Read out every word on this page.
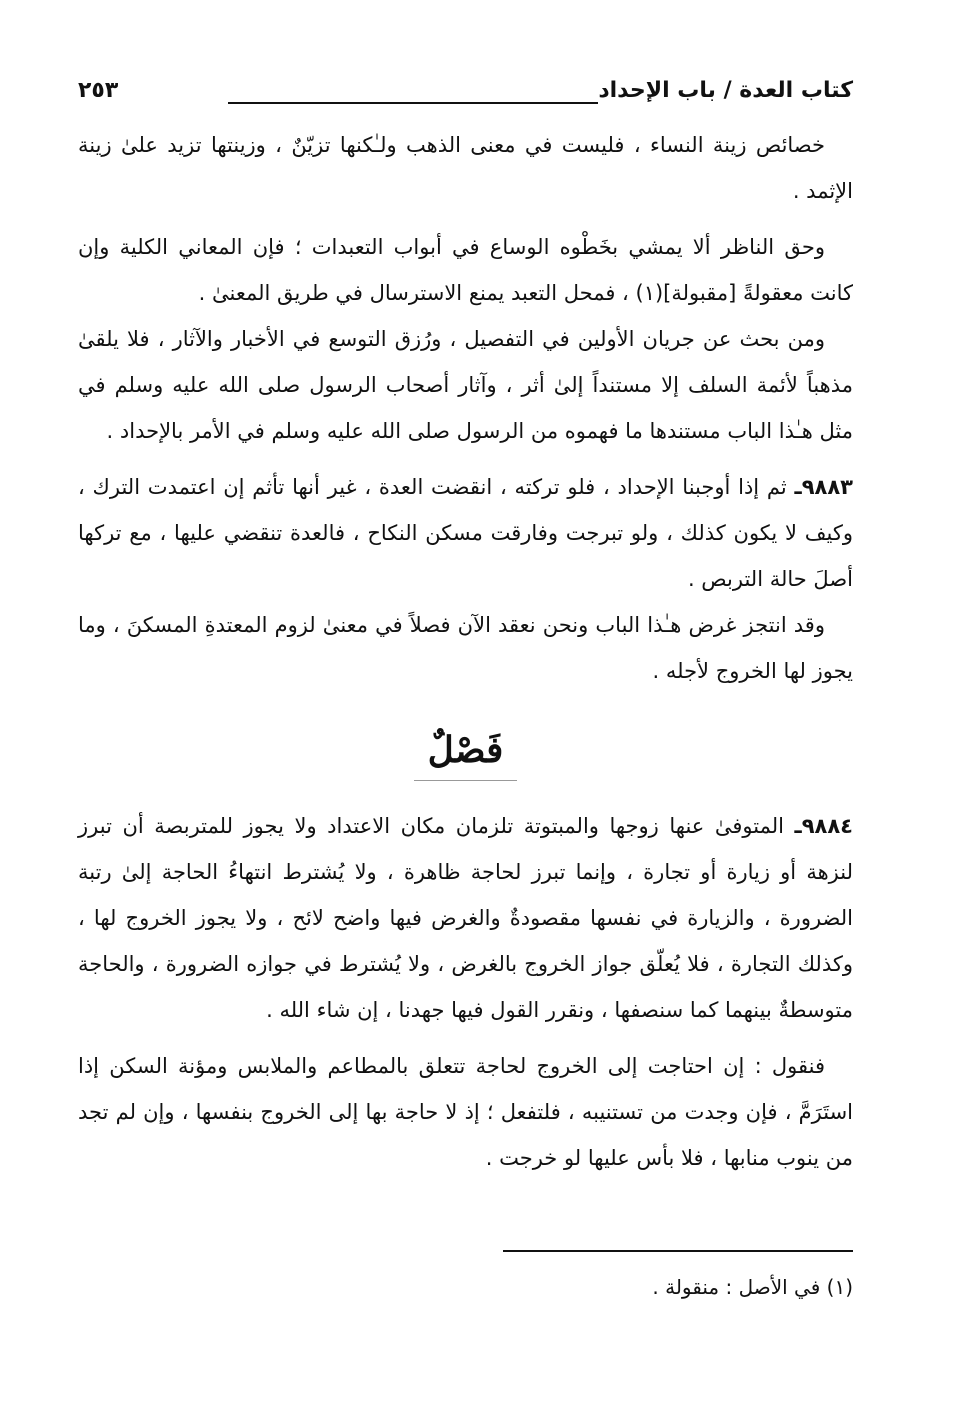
كتاب العدة / باب الإحداد
٢٥٣

خصائص زينة النساء ، فليست في معنى الذهب ولـٰكنها تزيّنٌ ، وزينتها تزيد علىٰ زينة الإثمد .

وحق الناظر ألا يمشي بخَطْوه الوساع في أبواب التعبدات ؛ فإن المعاني الكلية وإن كانت معقولةً [مقبولة](١) ، فمحل التعبد يمنع الاسترسال في طريق المعنىٰ .

ومن بحث عن جريان الأولين في التفصيل ، ورُزق التوسع في الأخبار والآثار ، فلا يلقىٰ مذهباً لأئمة السلف إلا مستنداً إلىٰ أثر ، وآثار أصحاب الرسول صلى الله عليه وسلم في مثل هـٰذا الباب مستندها ما فهموه من الرسول صلى الله عليه وسلم في الأمر بالإحداد .

٩٨٨٣ـ ثم إذا أوجبنا الإحداد ، فلو تركته ، انقضت العدة ، غير أنها تأثم إن اعتمدت الترك ، وكيف لا يكون كذلك ، ولو تبرجت وفارقت مسكن النكاح ، فالعدة تنقضي عليها ، مع تركها أصلَ حالة التربص .

وقد انتجز غرض هـٰذا الباب ونحن نعقد الآن فصلاً في معنىٰ لزوم المعتدةِ المسكنَ ، وما يجوز لها الخروج لأجله .

فَصْلٌ

٩٨٨٤ـ المتوفىٰ عنها زوجها والمبتوتة تلزمان مكان الاعتداد ولا يجوز للمتربصة أن تبرز لنزهة أو زيارة أو تجارة ، وإنما تبرز لحاجة ظاهرة ، ولا يُشترط انتهاءُ الحاجة إلىٰ رتبة الضرورة ، والزيارة في نفسها مقصودةٌ والغرض فيها واضح لائح ، ولا يجوز الخروج لها ، وكذلك التجارة ، فلا يُعلّق جواز الخروج بالغرض ، ولا يُشترط في جوازه الضرورة ، والحاجة متوسطةٌ بينهما كما سنصفها ، ونقرر القول فيها جهدنا ، إن شاء الله .

فنقول : إن احتاجت إلى الخروج لحاجة تتعلق بالمطاعم والملابس ومؤنة السكن إذا استَرَمَّ ، فإن وجدت من تستنيبه ، فلتفعل ؛ إذ لا حاجة بها إلى الخروج بنفسها ، وإن لم تجد من ينوب منابها ، فلا بأس عليها لو خرجت .

(١) في الأصل : منقولة .
